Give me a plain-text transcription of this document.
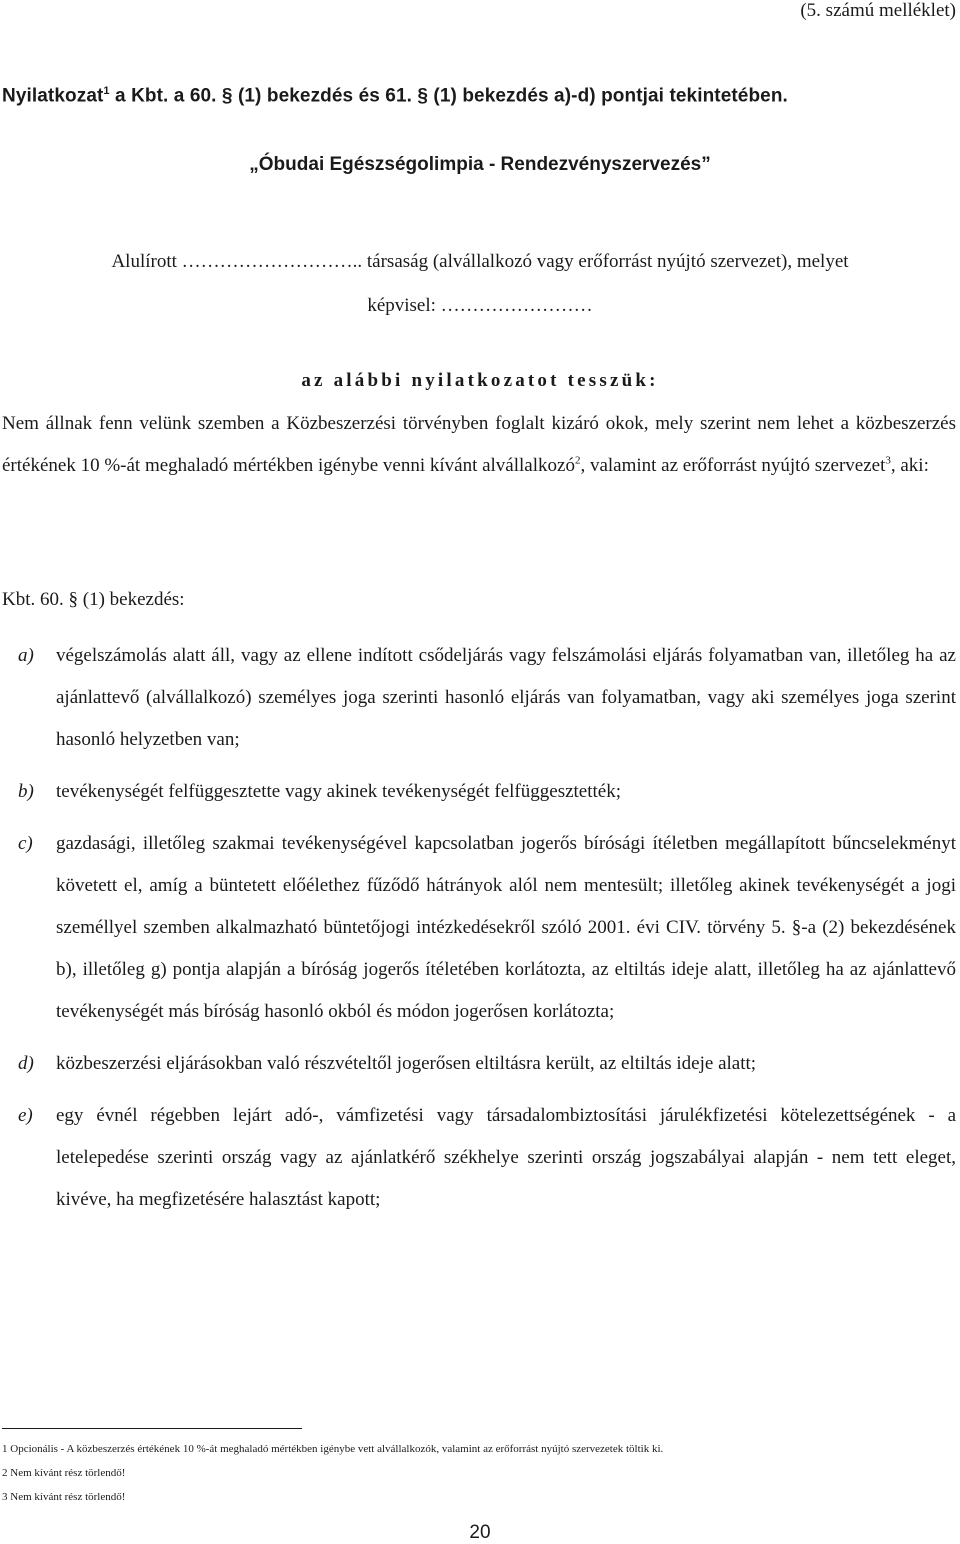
(5. számú melléklet)
Nyilatkozat$^1$ a Kbt. a 60. § (1) bekezdés és 61. § (1) bekezdés a)-d) pontjai tekintetében.
„Óbudai Egészségolimpia - Rendezvényszervezés”
Alulírott ……………………….. társaság (alvállalkozó vagy erőforrást nyújtó szervezet), melyet
képvisel: ……………………
az alábbi nyilatkozatot tesszük:
Nem állnak fenn velünk szemben a Közbeszerzési törvényben foglalt kizáró okok, mely szerint nem lehet a közbeszerzés értékének 10 %-át meghaladó mértékben igénybe venni kívánt alvállalkozó$^2$, valamint az erőforrást nyújtó szervezet$^3$, aki:
Kbt. 60. § (1) bekezdés:
a) végelszámolás alatt áll, vagy az ellene indított csődeljárás vagy felszámolási eljárás folyamatban van, illetőleg ha az ajánlattevő (alvállalkozó) személyes joga szerinti hasonló eljárás van folyamatban, vagy aki személyes joga szerint hasonló helyzetben van;
b) tevékenységét felfüggesztette vagy akinek tevékenységét felfüggesztették;
c) gazdasági, illetőleg szakmai tevékenységével kapcsolatban jogerős bírósági ítéletben megállapított bűncselekményt követett el, amíg a büntetett előélethez fűződő hátrányok alól nem mentesült; illetőleg akinek tevékenységét a jogi személlyel szemben alkalmazható büntetőjogi intézkedésekről szóló 2001. évi CIV. törvény 5. §-a (2) bekezdésének b), illetőleg g) pontja alapján a bíróság jogerős ítéletében korlátozta, az eltiltás ideje alatt, illetőleg ha az ajánlattevő tevékenységét más bíróság hasonló okból és módon jogerősen korlátozta;
d) közbeszerzési eljárásokban való részvételtől jogerősen eltiltásra került, az eltiltás ideje alatt;
e) egy évnél régebben lejárt adó-, vámfizetési vagy társadalombiztosítási járulékfizetési kötelezettségének - a letelepedése szerinti ország vagy az ajánlatkérő székhelye szerinti ország jogszabályai alapján - nem tett eleget, kivéve, ha megfizetésére halasztást kapott;
1 Opcionális - A közbeszerzés értékének 10 %-át meghaladó mértékben igénybe vett alvállalkozók, valamint az erőforrást nyújtó szervezetek töltik ki.
2 Nem kívánt rész törlendő!
3 Nem kívánt rész törlendő!
20
